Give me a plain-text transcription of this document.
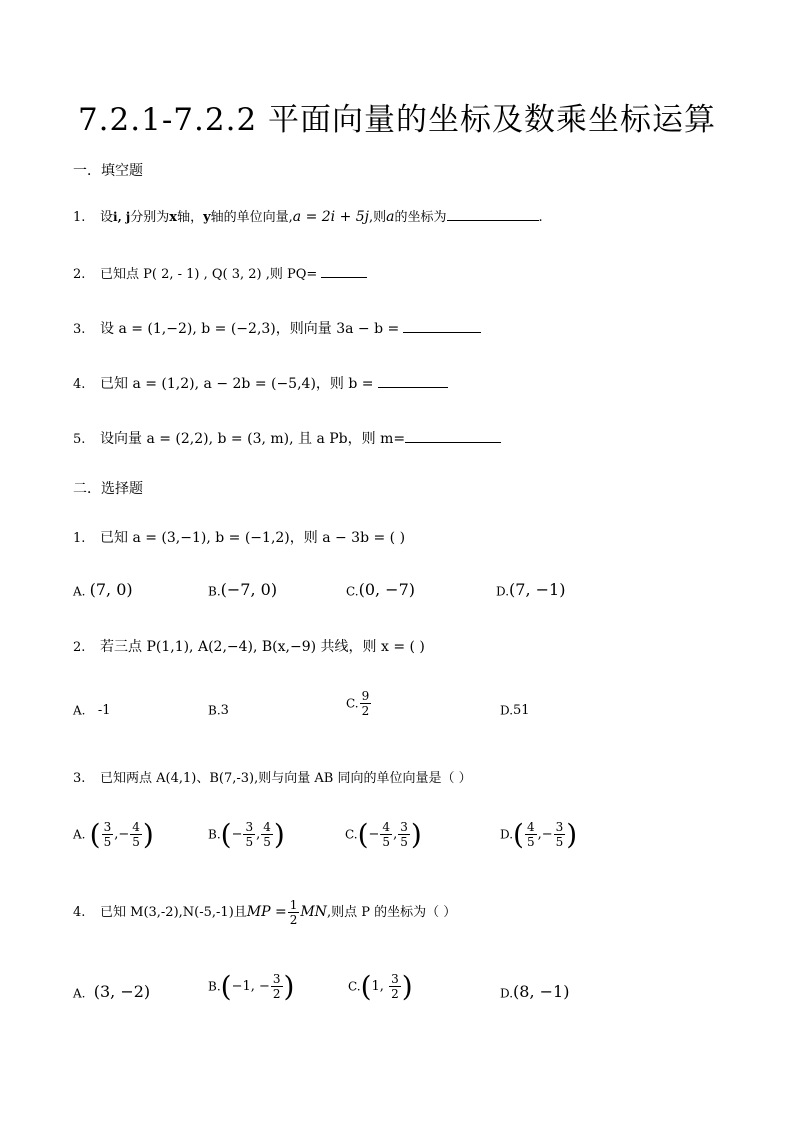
7.2.1-7.2.2 平面向量的坐标及数乘坐标运算
一．填空题
1. 设i, j分别为x轴，y轴的单位向量,a = 2i + 5j,则a的坐标为	.
2. 已知点 P( 2, - 1) , Q( 3, 2) ,则 PQ=
3. 设 a = (1,−2), b = (−2,3)，则向量 3a − b =
4. 已知 a = (1,2), a − 2b = (−5,4)，则 b =
5. 设向量 a = (2,2), b = (3, m), 且 a Pb，则 m=
二．选择题
1. 已知 a = (3,−1), b = (−1,2)，则 a − 3b = ( )
A. (7, 0)	B.(−7, 0)	C.(0, −7)	D.(7, −1)
2. 若三点 P(1,1), A(2,−4), B(x,−9) 共线，则 x = ( )
A. -1	B.3	C. $\frac{9}{2}$	D.51
3. 已知两点 A(4,1)、B(7,-3),则与向量 AB 同向的单位向量是（ ）
A. ( $\frac{3}{5}$ ,− $\frac{4}{5}$ )	$B.(- \frac{3}{5}$ , $\frac{4}{5}$ )	$C.(- \frac{4}{5}$ , $\frac{3}{5}$ )	$D.( \frac{4}{5}$ ,− $\frac{3}{5}$ )
4. 已知 M(3,-2),N(-5,-1)且MP = $\frac{1}{2}$ MN,则点 P 的坐标为（ ）
A. (3, −2)	B.(−1, − $\frac{3}{2}$ )	C.(1, $\frac{3}{2}$ )	D.(8, −1)
